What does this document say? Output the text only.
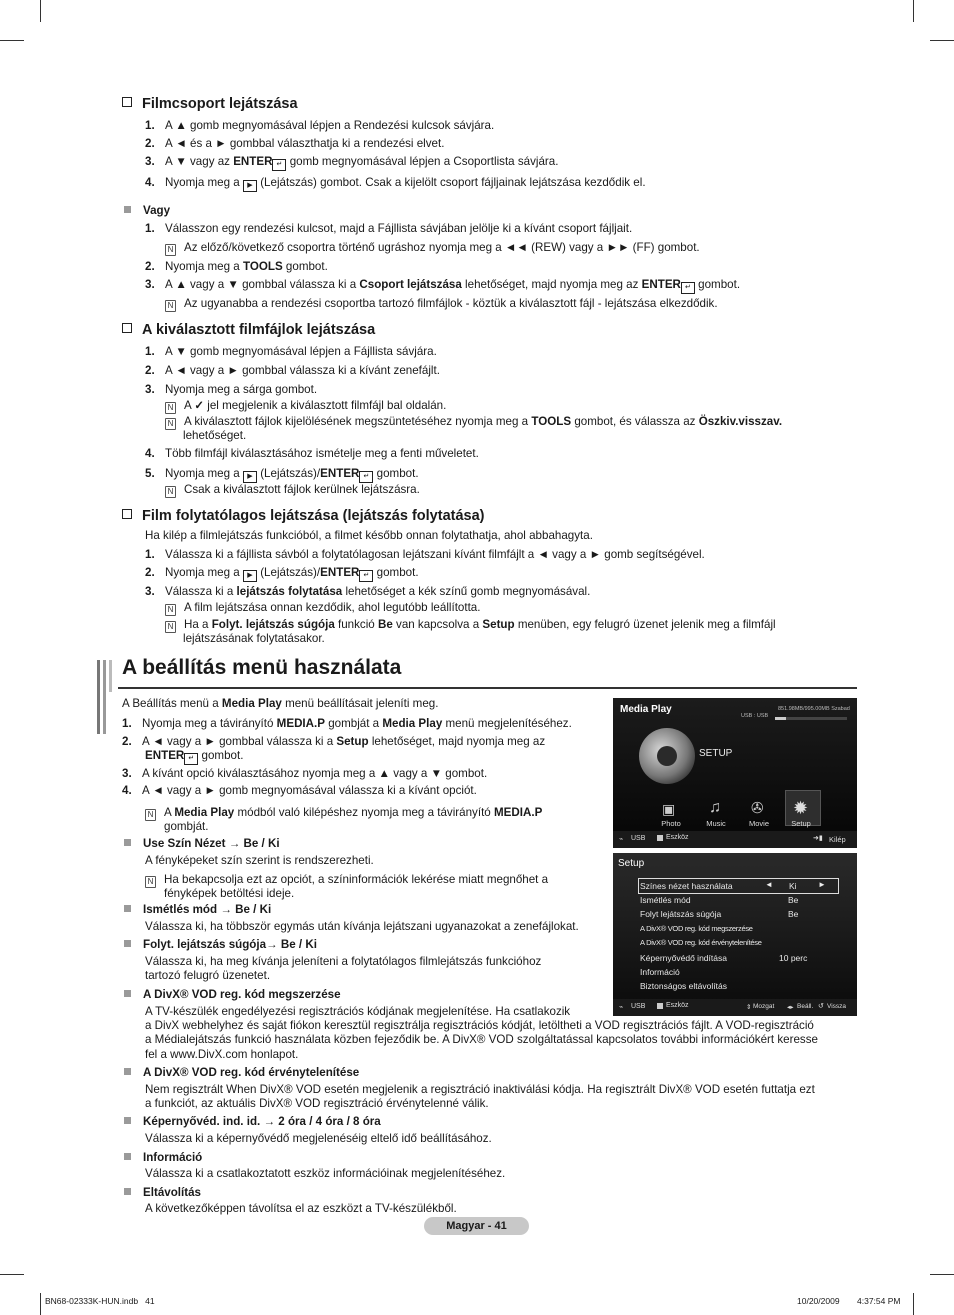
Filmcsoport lejátszása
1. A ▲ gomb megnyomásával lépjen a Rendezési kulcsok sávjára.
2. A ◄ és a ► gombbal választhatja ki a rendezési elvet.
3. A ▼ vagy az ENTER ↵ gomb megnyomásával lépjen a Csoportlista sávjára.
4. Nyomja meg a ▶ (Lejátszás) gombot. Csak a kijelölt csoport fájljainak lejátszása kezdődik el.
Vagy
1. Válasszon egy rendezési kulcsot, majd a Fájllista sávjában jelölje ki a kívánt csoport fájljait.
N Az előző/következő csoportra történő ugráshoz nyomja meg a ◄◄ (REW) vagy a ►► (FF) gombot.
2. Nyomja meg a TOOLS gombot.
3. A ▲ vagy a ▼ gombbal válassza ki a Csoport lejátszása lehetőséget, majd nyomja meg az ENTER ↵ gombot.
N Az ugyanabba a rendezési csoportba tartozó filmfájlok - köztük a kiválasztott fájl - lejátszása elkezdődik.
A kiválasztott filmfájlok lejátszása
1. A ▼ gomb megnyomásával lépjen a Fájllista sávjára.
2. A ◄ vagy a ► gombbal válassza ki a kívánt zenefájlt.
3. Nyomja meg a sárga gombot.
N A ✓ jel megjelenik a kiválasztott filmfájl bal oldalán.
N A kiválasztott fájlok kijelölésének megszüntetéséhez nyomja meg a TOOLS gombot, és válassza az Öszkiv.visszav.
lehetőséget.
4. Több filmfájl kiválasztásához ismételje meg a fenti műveletet.
5. Nyomja meg a ▶ (Lejátszás)/ENTER ↵ gombot.
N Csak a kiválasztott fájlok kerülnek lejátszásra.
Film folytatólagos lejátszása (lejátszás folytatása)
Ha kilép a filmlejátszás funkcióból, a filmet később onnan folytathatja, ahol abbahagyta.
1. Válassza ki a fájllista sávból a folytatólagosan lejátszani kívánt filmfájlt a ◄ vagy a ► gomb segítségével.
2. Nyomja meg a ▶ (Lejátszás)/ENTER ↵ gombot.
3. Válassza ki a lejátszás folytatása lehetőséget a kék színű gomb megnyomásával.
N A film lejátszása onnan kezdődik, ahol legutóbb leállította.
N Ha a Folyt. lejátszás súgója funkció Be van kapcsolva a Setup menüben, egy felugró üzenet jelenik meg a filmfájl
lejátszásának folytatásakor.
A beállítás menü használata
A Beállítás menü a Media Play menü beállításait jeleníti meg.
1. Nyomja meg a távirányító MEDIA.P gombját a Media Play menü megjelenítéséhez.
2. A ◄ vagy a ► gombbal válassza ki a Setup lehetőséget, majd nyomja meg az
ENTER ↵ gombot.
3. A kívánt opció kiválasztásához nyomja meg a ▲ vagy a ▼ gombot.
4. A ◄ vagy a ► gomb megnyomásával válassza ki a kívánt opciót.
N A Media Play módból való kilépéshez nyomja meg a távirányító MEDIA.P
gombját.
Use Szín Nézet → Be / Ki
A fényképeket szín szerint is rendszerezheti.
N Ha bekapcsolja ezt az opciót, a színinformációk lekérése miatt megnőhet a
fényképek betöltési ideje.
Ismétlés mód → Be / Ki
Válassza ki, ha többször egymás után kívánja lejátszani ugyanazokat a zenefájlokat.
Folyt. lejátszás súgója→ Be / Ki
Válassza ki, ha meg kívánja jeleníteni a folytatólagos filmlejátszás funkcióhoz
tartozó felugró üzenetet.
A DivX® VOD reg. kód megszerzése
A TV-készülék engedélyezési regisztrációs kódjának megjelenítése. Ha csatlakozik
a DivX webhelyhez és saját fiókon keresztül regisztrálja regisztrációs kódját, letöltheti a VOD regisztrációs fájlt. A VOD-regisztráció
a Médialejátszás funkció használata közben fejeződik be. A DivX® VOD szolgáltatással kapcsolatos további információkért keresse
fel a www.DivX.com honlapot.
A DivX® VOD reg. kód érvénytelenítése
Nem regisztrált When DivX® VOD esetén megjelenik a regisztráció inaktiválási kódja. Ha regisztrált DivX® VOD esetén futtatja ezt
a funkciót, az aktuális DivX® VOD regisztráció érvénytelenné válik.
Képernyővéd. ind. id. → 2 óra / 4 óra / 8 óra
Válassza ki a képernyővédő megjelenéséig eltelő idő beállításához.
Információ
Válassza ki a csatlakoztatott eszköz információinak megjelenítéséhez.
Eltávolítás
A következőképpen távolítsa el az eszközt a TV-készülékből.
Media Play	851.98MB/995.00MB Szabad
USB : USB
SETUP
▣ ♫ ✇ ✹
Photo	Music	Movie	Setup
⌁ USB	Eszköz	➜▮ Kilép
Setup
◄	►
Színes nézet használata	Ki
Ismétlés mód	Be
Folyt lejátszás súgója	Be
A DivX® VOD reg. kód megszerzése
A DivX® VOD reg. kód érvénytelenítése
Képernyővédő indítása	10 perc
Információ
Biztonságos eltávolítás
⌁ USB	Eszköz	⇕ Mozgat ◂▸ Beáll. ↺ Vissza
Magyar - 41
BN68-02333K-HUN.indb   41	10/20/2009 4:37:54 PM
